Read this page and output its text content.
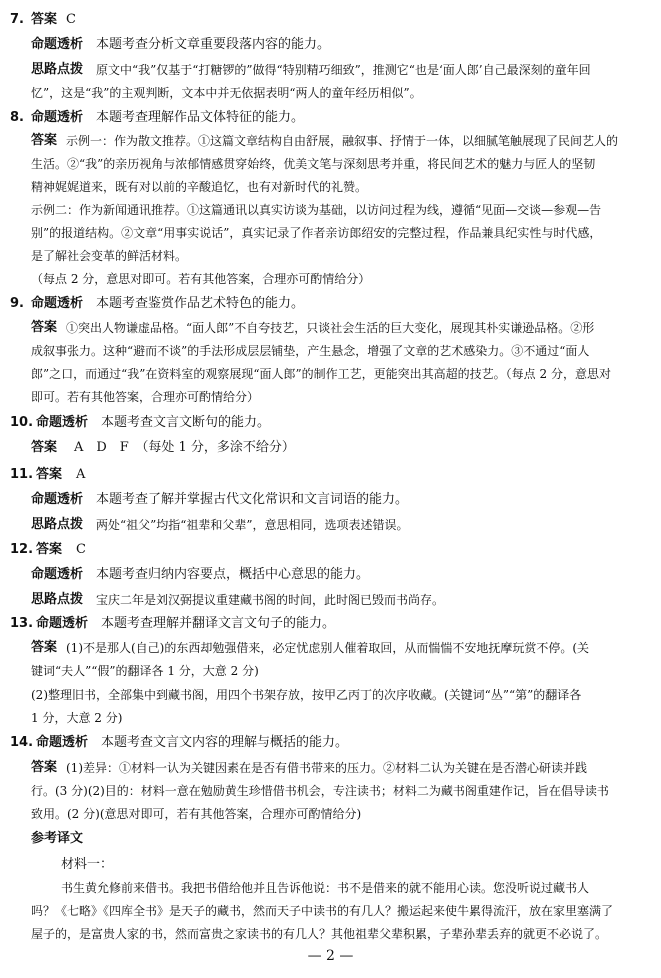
7. 答案 C
命题透析 本题考查分析文章重要段落内容的能力。
思路点拨 原文中“我”仅基于“打糖锣的”做得“特别精巧细致”，推测它“也是‘面人郎’自己最深刻的童年回
忆”，这是“我”的主观判断，文本中并无依据表明“两人的童年经历相似”。
8. 命题透析 本题考查理解作品文体特征的能力。
答案 示例一：作为散文推荐。①这篇文章结构自由舒展，融叙事、抒情于一体，以细腻笔触展现了民间艺人的
生活。②“我”的亲历视角与浓郁情感贯穿始终，优美文笔与深刻思考并重，将民间艺术的魅力与匠人的坚韧
精神娓娓道来，既有对以前的辛酸追忆，也有对新时代的礼赞。
示例二：作为新闻通讯推荐。①这篇通讯以真实访谈为基础，以访问过程为线，遵循“见面—交谈—参观—告
别”的报道结构。②文章“用事实说话”，真实记录了作者亲访郎绍安的完整过程，作品兼具纪实性与时代感，
是了解社会变革的鲜活材料。
（每点 2 分，意思对即可。若有其他答案，合理亦可酌情给分）
9. 命题透析 本题考查鉴赏作品艺术特色的能力。
答案 ①突出人物谦虚品格。“面人郎”不自夸技艺，只谈社会生活的巨大变化，展现其朴实谦逊品格。②形
成叙事张力。这种“避而不谈”的手法形成层层铺垫，产生悬念，增强了文章的艺术感染力。③不通过“面人
郎”之口，而通过“我”在资料室的观察展现“面人郎”的制作工艺，更能突出其高超的技艺。（每点 2 分，意思对
即可。若有其他答案，合理亦可酌情给分）
10. 命题透析 本题考查文言文断句的能力。
答案 A　D　F　（每处 1 分，多涂不给分）
11. 答案 A
命题透析 本题考查了解并掌握古代文化常识和文言词语的能力。
思路点拨 两处“祖父”均指“祖辈和父辈”，意思相同，选项表述错误。
12. 答案 C
命题透析 本题考查归纳内容要点，概括中心意思的能力。
思路点拨 宝庆二年是刘汉弼提议重建藏书阁的时间，此时阁已毁而书尚存。
13. 命题透析 本题考查理解并翻译文言文句子的能力。
答案 (1)不是那人(自己)的东西却勉强借来，必定忧虑别人催着取回，从而惴惴不安地抚摩玩赏不停。(关
键词“夫人”“假”的翻译各 1 分，大意 2 分)
(2)整理旧书，全部集中到藏书阁，用四个书架存放，按甲乙丙丁的次序收藏。(关键词“丛”“第”的翻译各
1 分，大意 2 分)
14. 命题透析 本题考查文言文内容的理解与概括的能力。
答案 (1)差异：①材料一认为关键因素在是否有借书带来的压力。②材料二认为关键在是否潜心研读并践
行。(3 分)(2)目的：材料一意在勉励黄生珍惜借书机会，专注读书；材料二为藏书阁重建作记，旨在倡导读书
致用。(2 分)(意思对即可，若有其他答案，合理亦可酌情给分)
参考译文
材料一：
书生黄允修前来借书。我把书借给他并且告诉他说：书不是借来的就不能用心读。您没听说过藏书人
吗？《七略》《四库全书》是天子的藏书，然而天子中读书的有几人？搬运起来使牛累得流汗，放在家里塞满了
屋子的，是富贵人家的书，然而富贵之家读书的有几人？其他祖辈父辈积累，子辈孙辈丢弃的就更不必说了。
— 2 —
